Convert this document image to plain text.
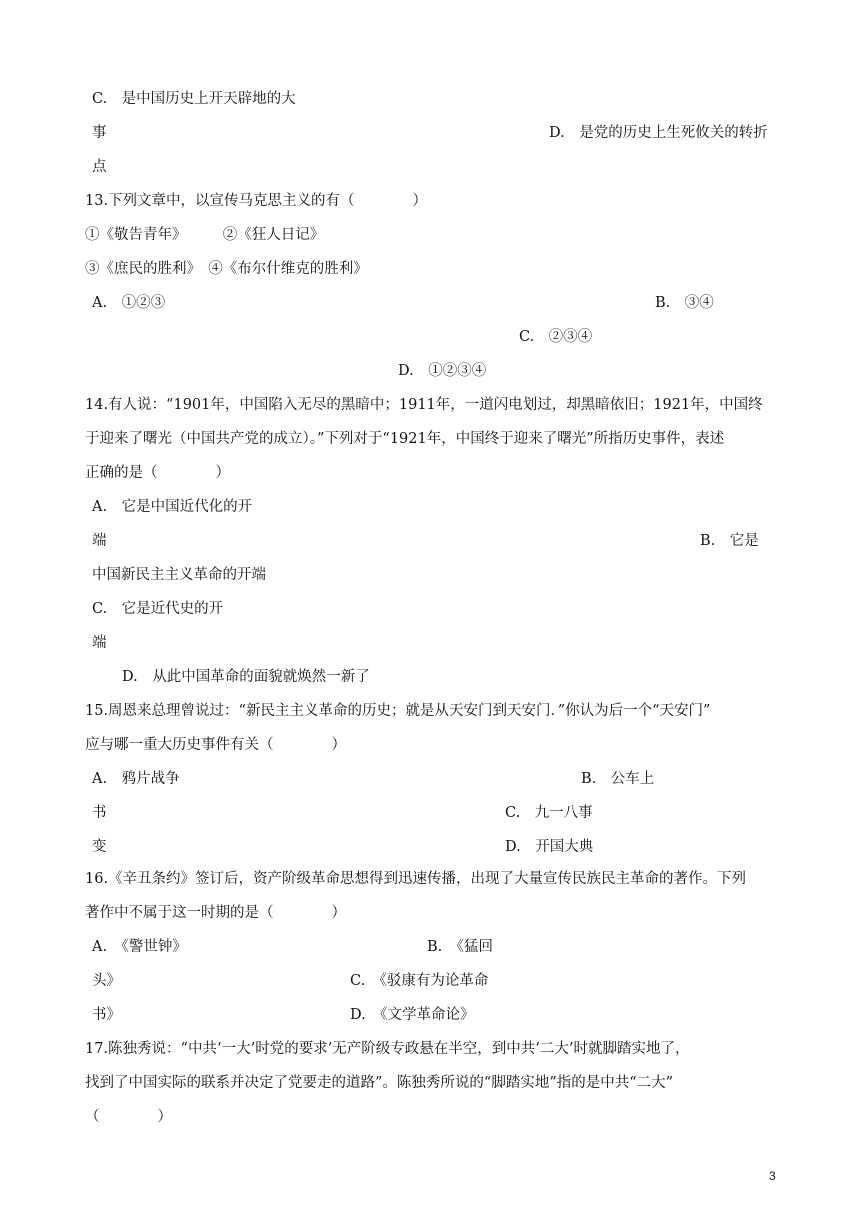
C.　是中国历史上开天辟地的大
事	D.　是党的历史上生死攸关的转折
点
13.下列文章中，以宣传马克思主义的有（　　　　）
①《敬告青年》　　　②《狂人日记》
③《庶民的胜利》　④《布尔什维克的胜利》
A.　①②③	B.　③④
C.　②③④
D.　①②③④
14.有人说：“1901年，中国陷入无尽的黑暗中；1911年，一道闪电划过，却黑暗依旧；1921年，中国终
于迎来了曙光（中国共产党的成立）。”下列对于“1921年，中国终于迎来了曙光”所指历史事件，表述
正确的是（　　　　）
A.　它是中国近代化的开
端	B.　它是
中国新民主主义革命的开端
C.　它是近代史的开
端
D.　从此中国革命的面貌就焕然一新了
15.周恩来总理曾说过：“新民主主义革命的历史；就是从天安门到天安门．”你认为后一个“天安门”
应与哪一重大历史事件有关（　　　　）
A.　鸦片战争	B.　公车上
书	C.　九一八事
变	D.　开国大典
16.《辛丑条约》签订后，资产阶级革命思想得到迅速传播，出现了大量宣传民族民主革命的著作。下列
著作中不属于这一时期的是（　　　　）
A.　《警世钟》	B.　《猛回
头》	C.　《驳康有为论革命
书》	D.　《文学革命论》
17.陈独秀说：“中共‘一大’时党的要求’无产阶级专政悬在半空，到中共‘二大’时就脚踏实地了，
找到了中国实际的联系并决定了党要走的道路”。陈独秀所说的“脚踏实地”指的是中共“二大”
（　　　　）
3
